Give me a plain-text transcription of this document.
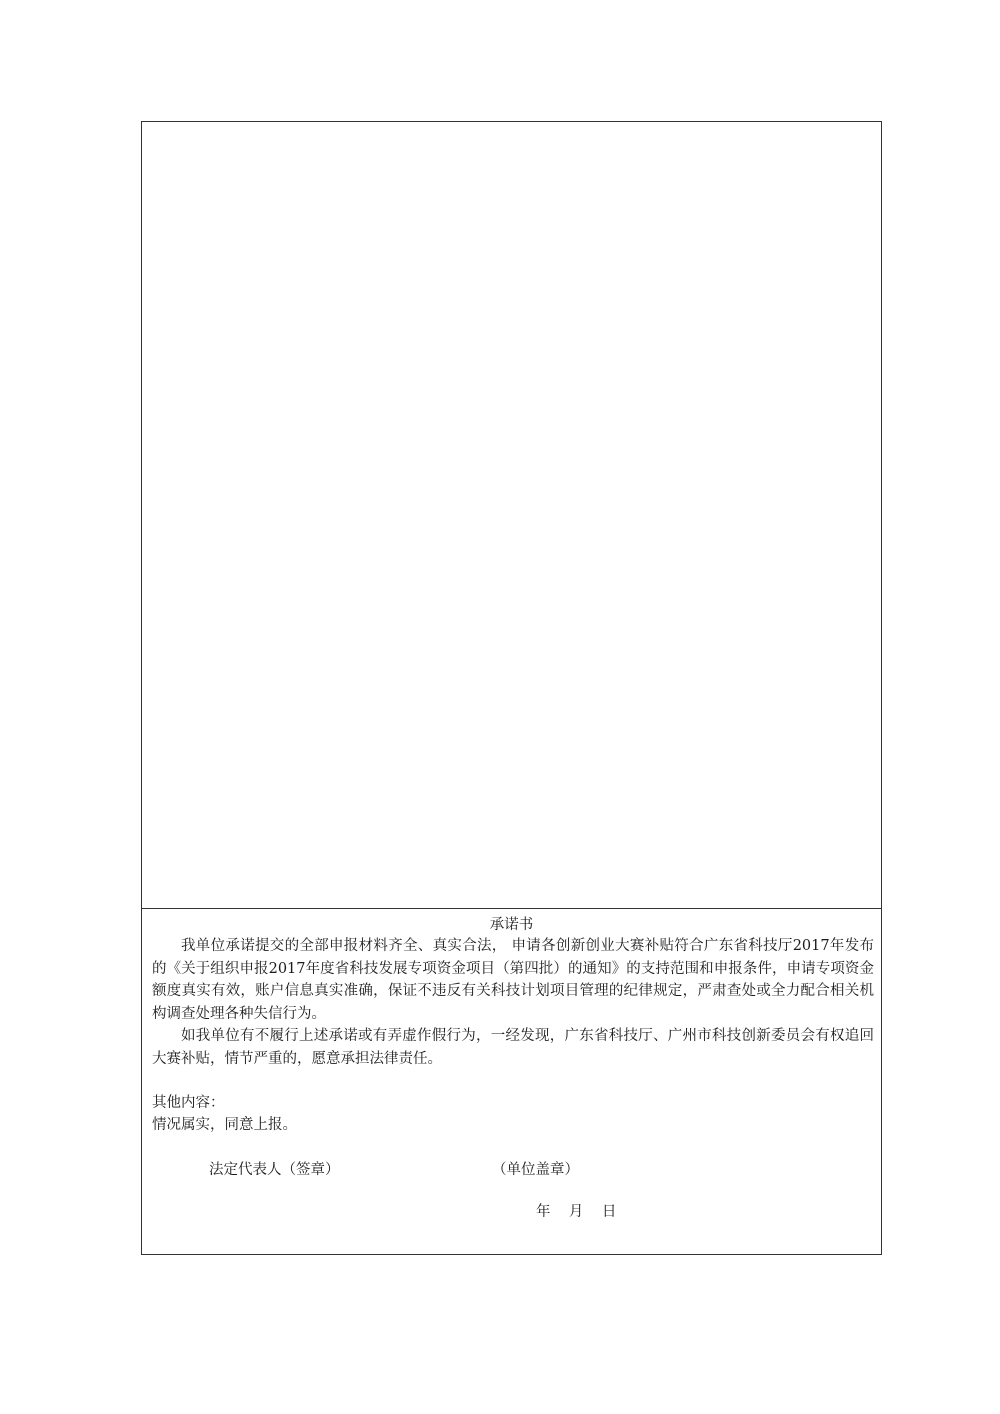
承诺书

我单位承诺提交的全部申报材料齐全、真实合法， 申请各创新创业大赛补贴符合广东省科技厅2017年发布的《关于组织申报2017年度省科技发展专项资金项目（第四批）的通知》的支持范围和申报条件，申请专项资金额度真实有效，账户信息真实准确，保证不违反有关科技计划项目管理的纪律规定，严肃查处或全力配合相关机构调查处理各种失信行为。

如我单位有不履行上述承诺或有弄虚作假行为，一经发现，广东省科技厅、广州市科技创新委员会有权追回大赛补贴，情节严重的，愿意承担法律责任。

其他内容：
情况属实，同意上报。
法定代表人（签章）	（单位盖章）
年    月    日
